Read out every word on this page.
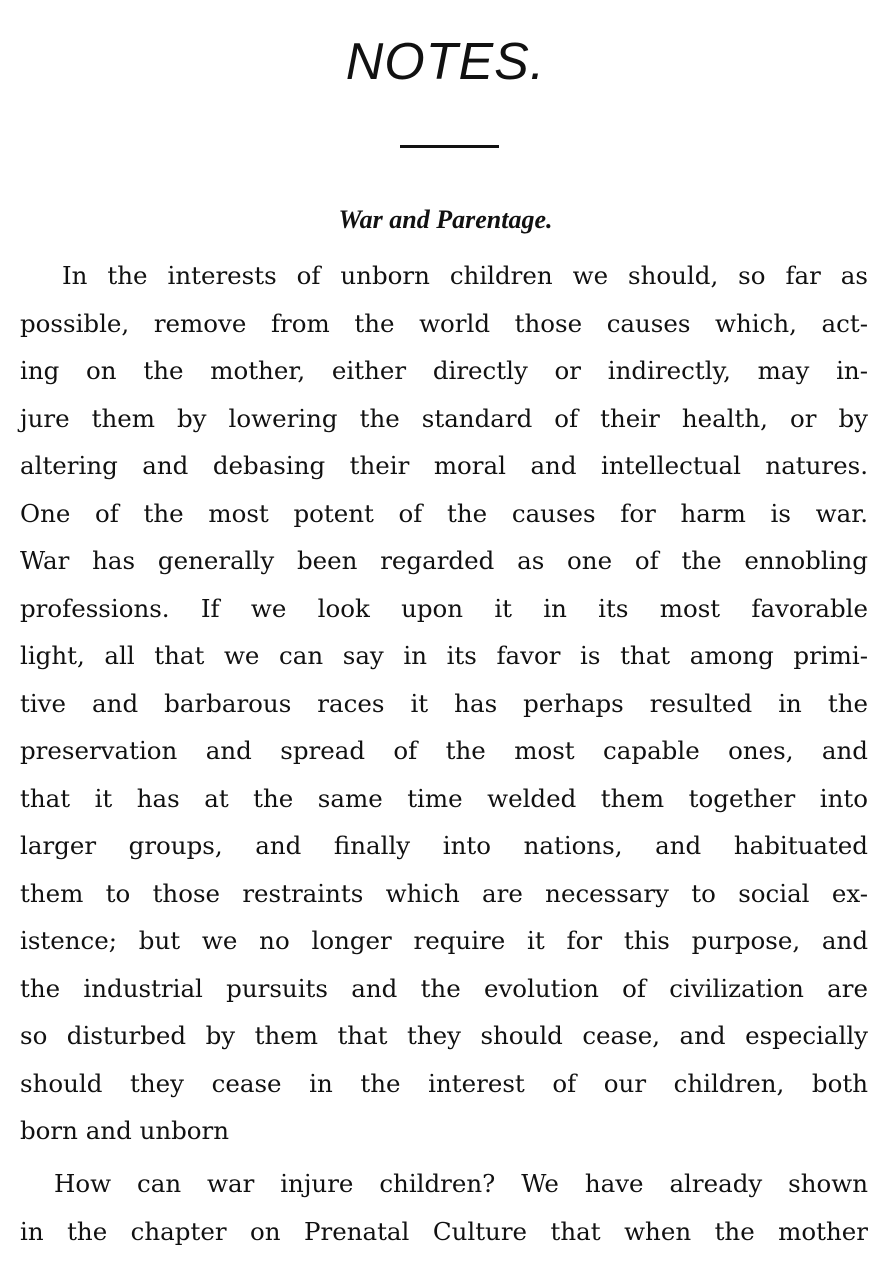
NOTES.
War and Parentage.
In the interests of unborn children we should, so far as
possible, remove from the world those causes which, act-
ing on the mother, either directly or indirectly, may in-
jure them by lowering the standard of their health, or by
altering and debasing their moral and intellectual natures.
One of the most potent of the causes for harm is war.
War has generally been regarded as one of the ennobling
professions. If we look upon it in its most favorable
light, all that we can say in its favor is that among primi-
tive and barbarous races it has perhaps resulted in the
preservation and spread of the most capable ones, and
that it has at the same time welded them together into
larger groups, and finally into nations, and habituated
them to those restraints which are necessary to social ex-
istence; but we no longer require it for this purpose, and
the industrial pursuits and the evolution of civilization are
so disturbed by them that they should cease, and especially
should they cease in the interest of our children, both
born and unborn
How can war injure children? We have already shown
in the chapter on Prenatal Culture that when the mother
